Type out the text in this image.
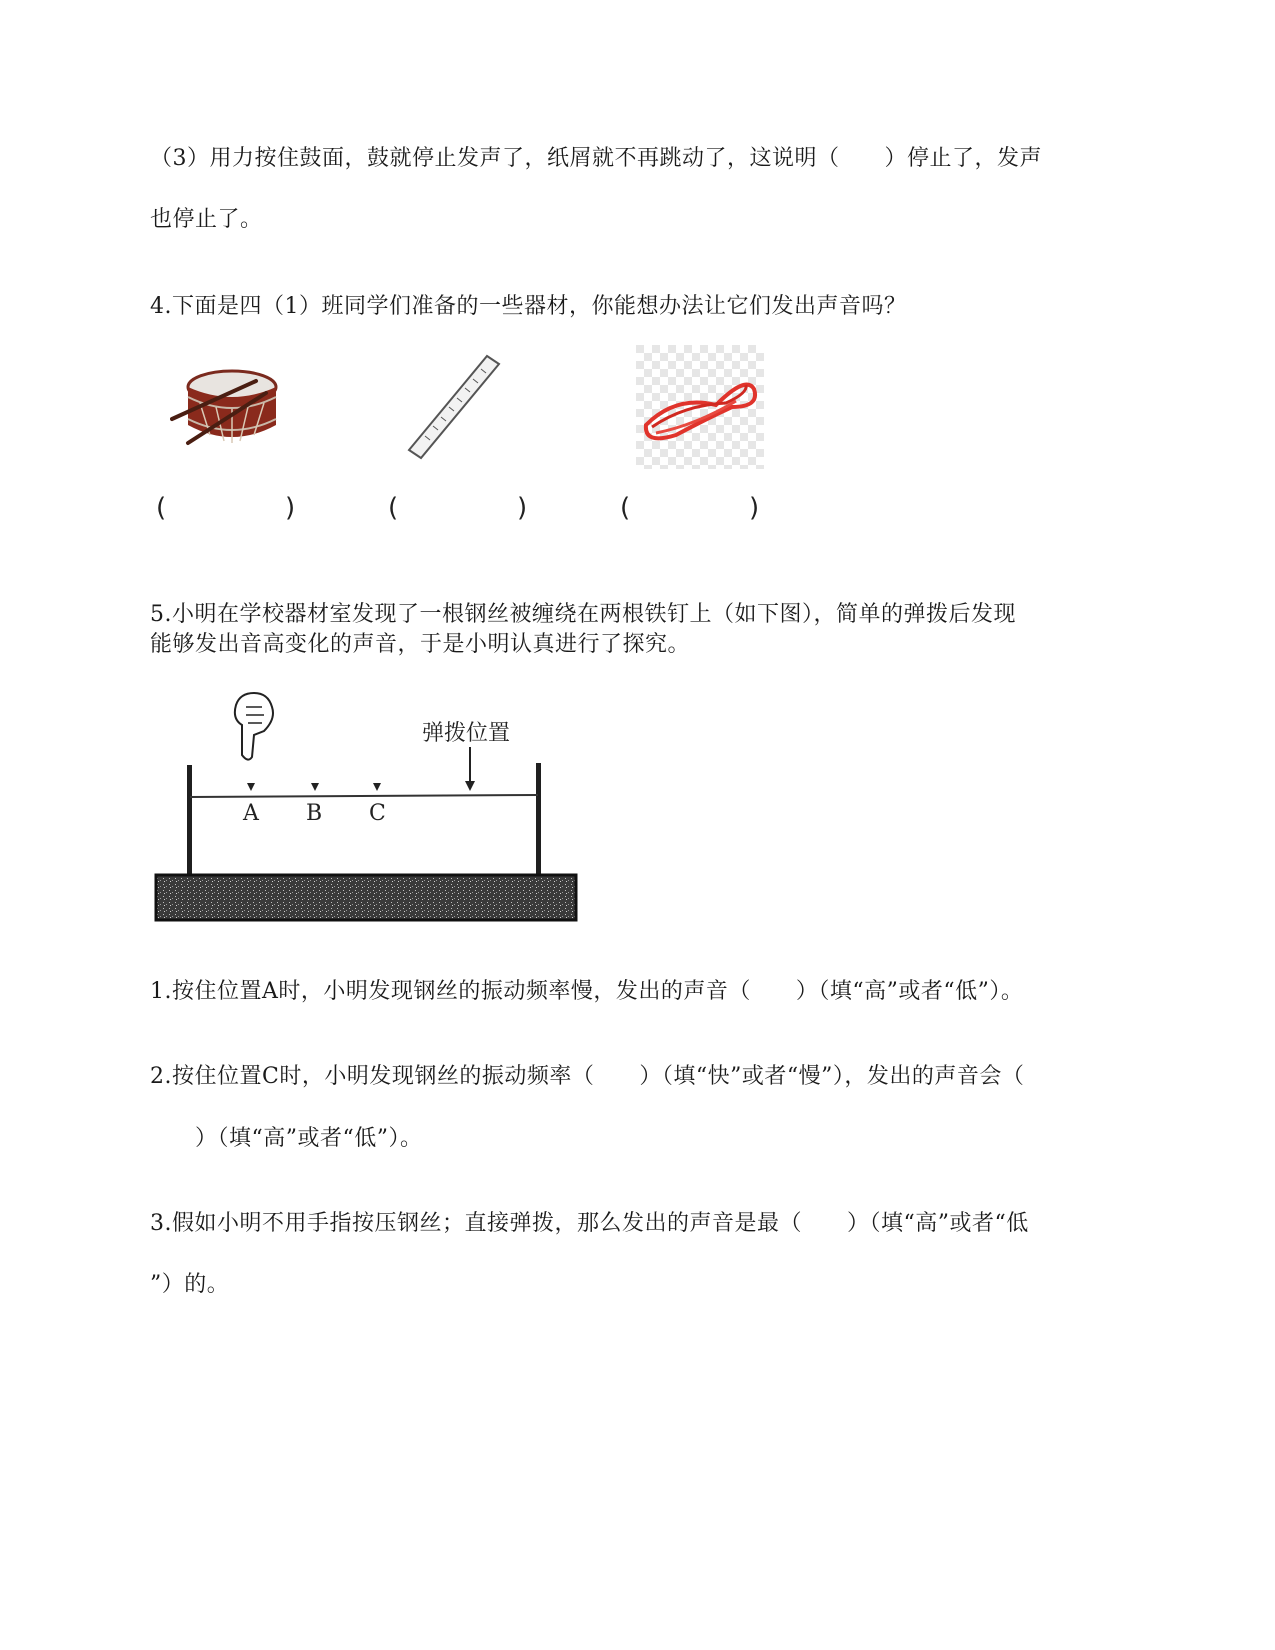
（3）用力按住鼓面，鼓就停止发声了，纸屑就不再跳动了，这说明（　　）停止了，发声
也停止了。
4.下面是四（1）班同学们准备的一些器材，你能想办法让它们发出声音吗？
(	)	(	)	(	)
5.小明在学校器材室发现了一根钢丝被缠绕在两根铁钉上（如下图），简单的弹拨后发现
能够发出音高变化的声音，于是小明认真进行了探究。
弹拨位置
A B C
1.按住位置A时，小明发现钢丝的振动频率慢，发出的声音（　　）（填“高”或者“低”）。
2.按住位置C时，小明发现钢丝的振动频率（　　）（填“快”或者“慢”），发出的声音会（
　　）（填“高”或者“低”）。
3.假如小明不用手指按压钢丝；直接弹拨，那么发出的声音是最（　　）（填“高”或者“低
”）的。
